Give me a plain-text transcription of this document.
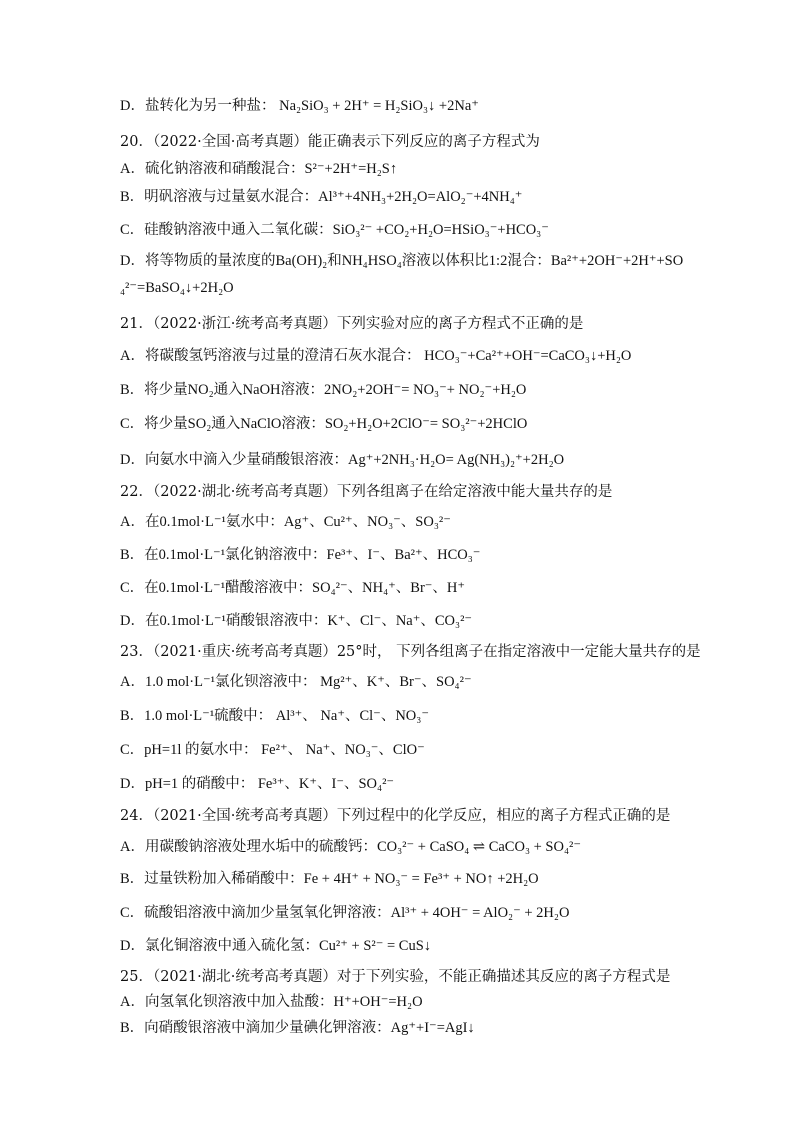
D．盐转化为另一种盐： Na₂SiO₃ + 2H⁺ = H₂SiO₃↓ +2Na⁺
20．（2022·全国·高考真题）能正确表示下列反应的离子方程式为
A．硫化钠溶液和硝酸混合：S²⁻+2H⁺=H₂S↑
B．明矾溶液与过量氨水混合：Al³⁺+4NH₃+2H₂O=AlO₂⁻+4NH₄⁺
C．硅酸钠溶液中通入二氧化碳：SiO₃²⁻ +CO₂+H₂O=HSiO₃⁻+HCO₃⁻
D．将等物质的量浓度的Ba(OH)₂和NH₄HSO₄溶液以体积比1:2混合：Ba²⁺+2OH⁻+2H⁺+SO
₄²⁻=BaSO₄↓+2H₂O
21．（2022·浙江·统考高考真题）下列实验对应的离子方程式不正确的是
A．将碳酸氢钙溶液与过量的澄清石灰水混合： HCO₃⁻+Ca²⁺+OH⁻=CaCO₃↓+H₂O
B．将少量NO₂通入NaOH溶液：2NO₂+2OH⁻= NO₃⁻+ NO₂⁻+H₂O
C．将少量SO₂通入NaClO溶液：SO₂+H₂O+2ClO⁻= SO₃²⁻+2HClO
D．向氨水中滴入少量硝酸银溶液：Ag⁺+2NH₃·H₂O= Ag(NH₃)₂⁺+2H₂O
22．（2022·湖北·统考高考真题）下列各组离子在给定溶液中能大量共存的是
A．在0.1mol·L⁻¹氨水中：Ag⁺、Cu²⁺、NO₃⁻、SO₃²⁻
B．在0.1mol·L⁻¹氯化钠溶液中：Fe³⁺、I⁻、Ba²⁺、HCO₃⁻
C．在0.1mol·L⁻¹醋酸溶液中：SO₄²⁻、NH₄⁺、Br⁻、H⁺
D．在0.1mol·L⁻¹硝酸银溶液中：K⁺、Cl⁻、Na⁺、CO₃²⁻
23．（2021·重庆·统考高考真题）25°时， 下列各组离子在指定溶液中一定能大量共存的是
A．1.0 mol·L⁻¹氯化钡溶液中： Mg²⁺、K⁺、Br⁻、SO₄²⁻
B．1.0 mol·L⁻¹硫酸中： Al³⁺、 Na⁺、Cl⁻、NO₃⁻
C．pH=1l 的氨水中： Fe²⁺、 Na⁺、NO₃⁻、ClO⁻
D．pH=1 的硝酸中： Fe³⁺、K⁺、I⁻、SO₄²⁻
24．（2021·全国·统考高考真题）下列过程中的化学反应，相应的离子方程式正确的是
A．用碳酸钠溶液处理水垢中的硫酸钙：CO₃²⁻ + CaSO₄ ⇌ CaCO₃ + SO₄²⁻
B．过量铁粉加入稀硝酸中：Fe + 4H⁺ + NO₃⁻ = Fe³⁺ + NO↑ +2H₂O
C．硫酸铝溶液中滴加少量氢氧化钾溶液：Al³⁺ + 4OH⁻ = AlO₂⁻ + 2H₂O
D．氯化铜溶液中通入硫化氢：Cu²⁺ + S²⁻ = CuS↓
25．（2021·湖北·统考高考真题）对于下列实验，不能正确描述其反应的离子方程式是
A．向氢氧化钡溶液中加入盐酸：H⁺+OH⁻=H₂O
B．向硝酸银溶液中滴加少量碘化钾溶液：Ag⁺+I⁻=AgI↓
